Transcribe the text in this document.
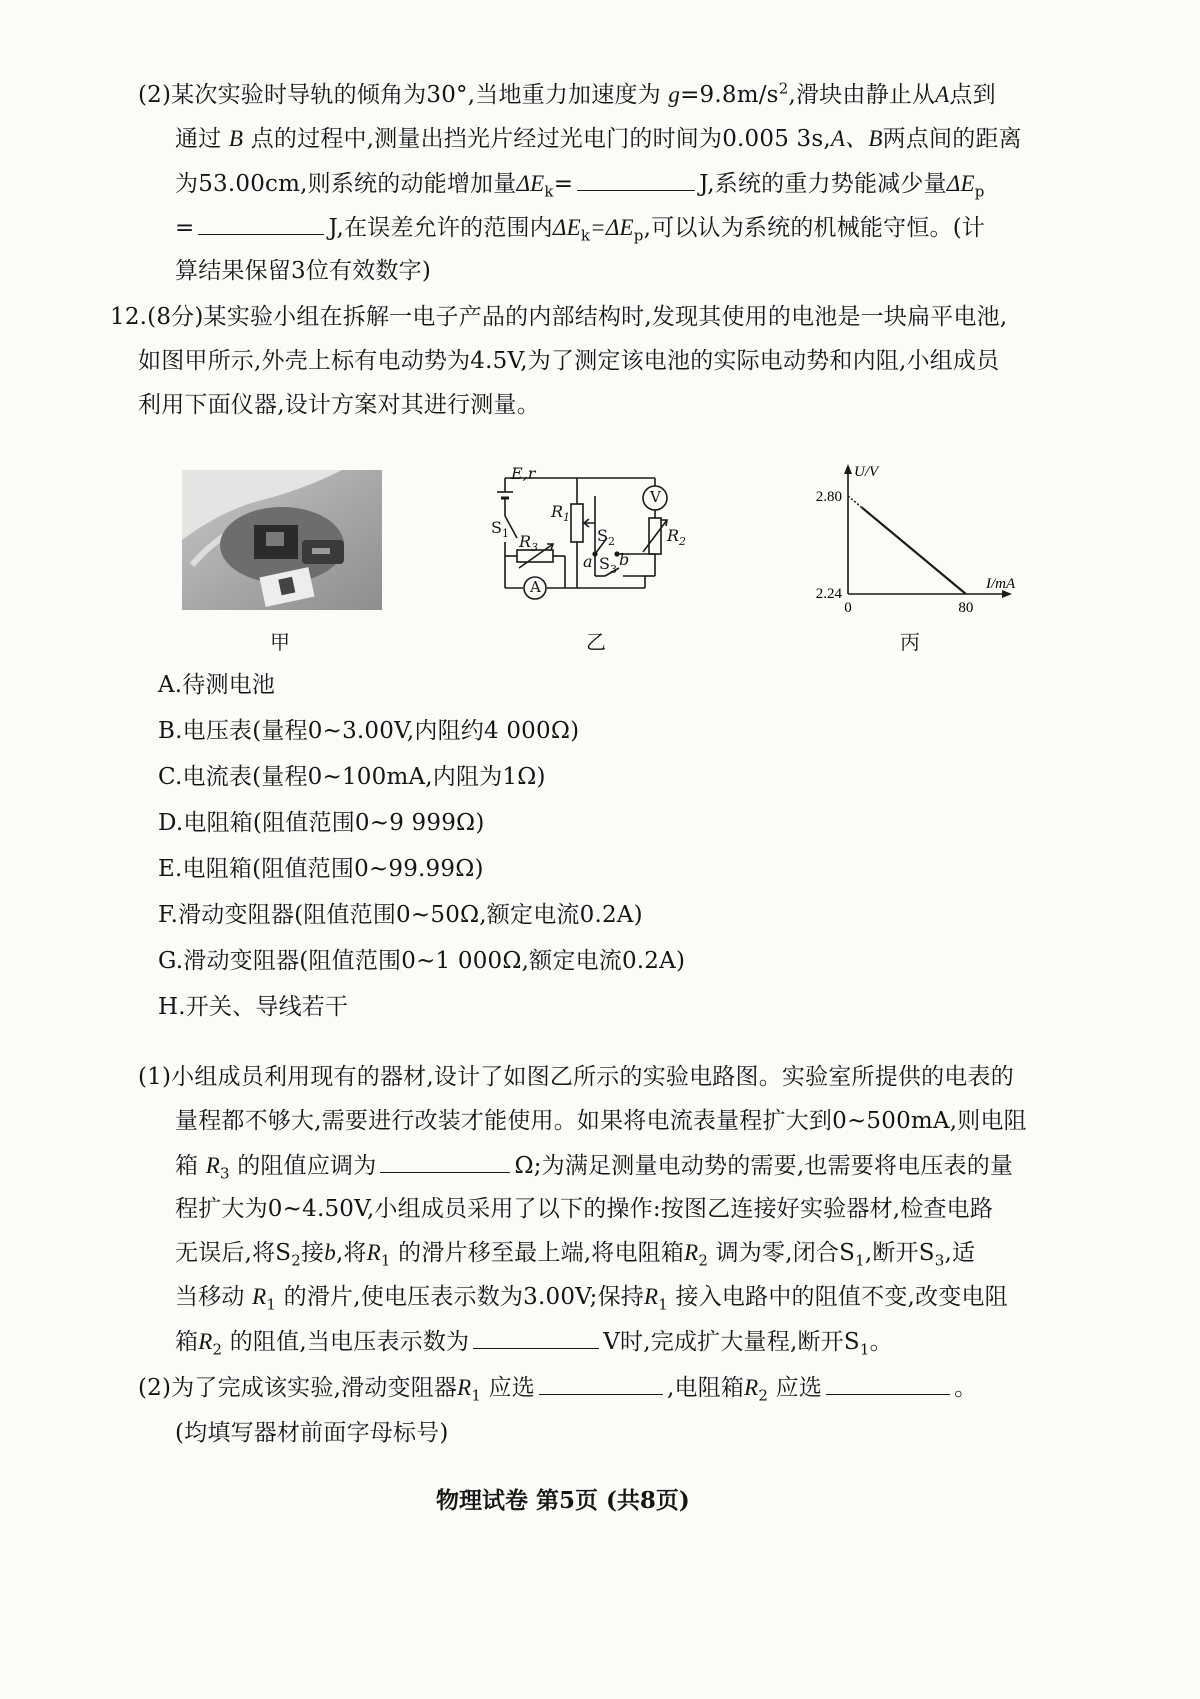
(2)某次实验时导轨的倾角为30°,当地重力加速度为 $g=9.8m/s^2$,滑块由静止从A点到
通过 B 点的过程中,测量出挡光片经过光电门的时间为0.005 3s,A、B两点间的距离
为53.00cm,则系统的动能增加量$\Delta E_k=$	J,系统的重力势能减少量$\Delta E_p$
=	J,在误差允许的范围内$\Delta E_k=\Delta E_p$,可以认为系统的机械能守恒。(计
算结果保留3位有效数字)
12.(8分)某实验小组在拆解一电子产品的内部结构时,发现其使用的电池是一块扁平电池,
如图甲所示,外壳上标有电动势为4.5V,为了测定该电池的实际电动势和内阻,小组成员
利用下面仪器,设计方案对其进行测量。
甲
E,r
$S_1$
$R_1$
$S_2$	$R_2$
$R_3$
a b
$S_3$
V
A
乙
2.80
2.24
0	80
U/V
I/mA
丙
A.待测电池
B.电压表(量程0~3.00V,内阻约4 000Ω)
C.电流表(量程0~100mA,内阻为1Ω)
D.电阻箱(阻值范围0~9 999Ω)
E.电阻箱(阻值范围0~99.99Ω)
F.滑动变阻器(阻值范围0~50Ω,额定电流0.2A)
G.滑动变阻器(阻值范围0~1 000Ω,额定电流0.2A)
H.开关、导线若干
(1)小组成员利用现有的器材,设计了如图乙所示的实验电路图。实验室所提供的电表的
量程都不够大,需要进行改装才能使用。如果将电流表量程扩大到0~500mA,则电阻
箱 $R_3$ 的阻值应调为	Ω;为满足测量电动势的需要,也需要将电压表的量
程扩大为0~4.50V,小组成员采用了以下的操作:按图乙连接好实验器材,检查电路
无误后,将$S_2$接b,将$R_1$ 的滑片移至最上端,将电阻箱$R_2$ 调为零,闭合$S_1$,断开$S_3$,适
当移动 $R_1$ 的滑片,使电压表示数为3.00V;保持$R_1$ 接入电路中的阻值不变,改变电阻
箱$R_2$ 的阻值,当电压表示数为	V时,完成扩大量程,断开$S_1$。
(2)为了完成该实验,滑动变阻器$R_1$ 应选	,电阻箱$R_2$ 应选	。
(均填写器材前面字母标号)
物理试卷 第5页 (共8页)
